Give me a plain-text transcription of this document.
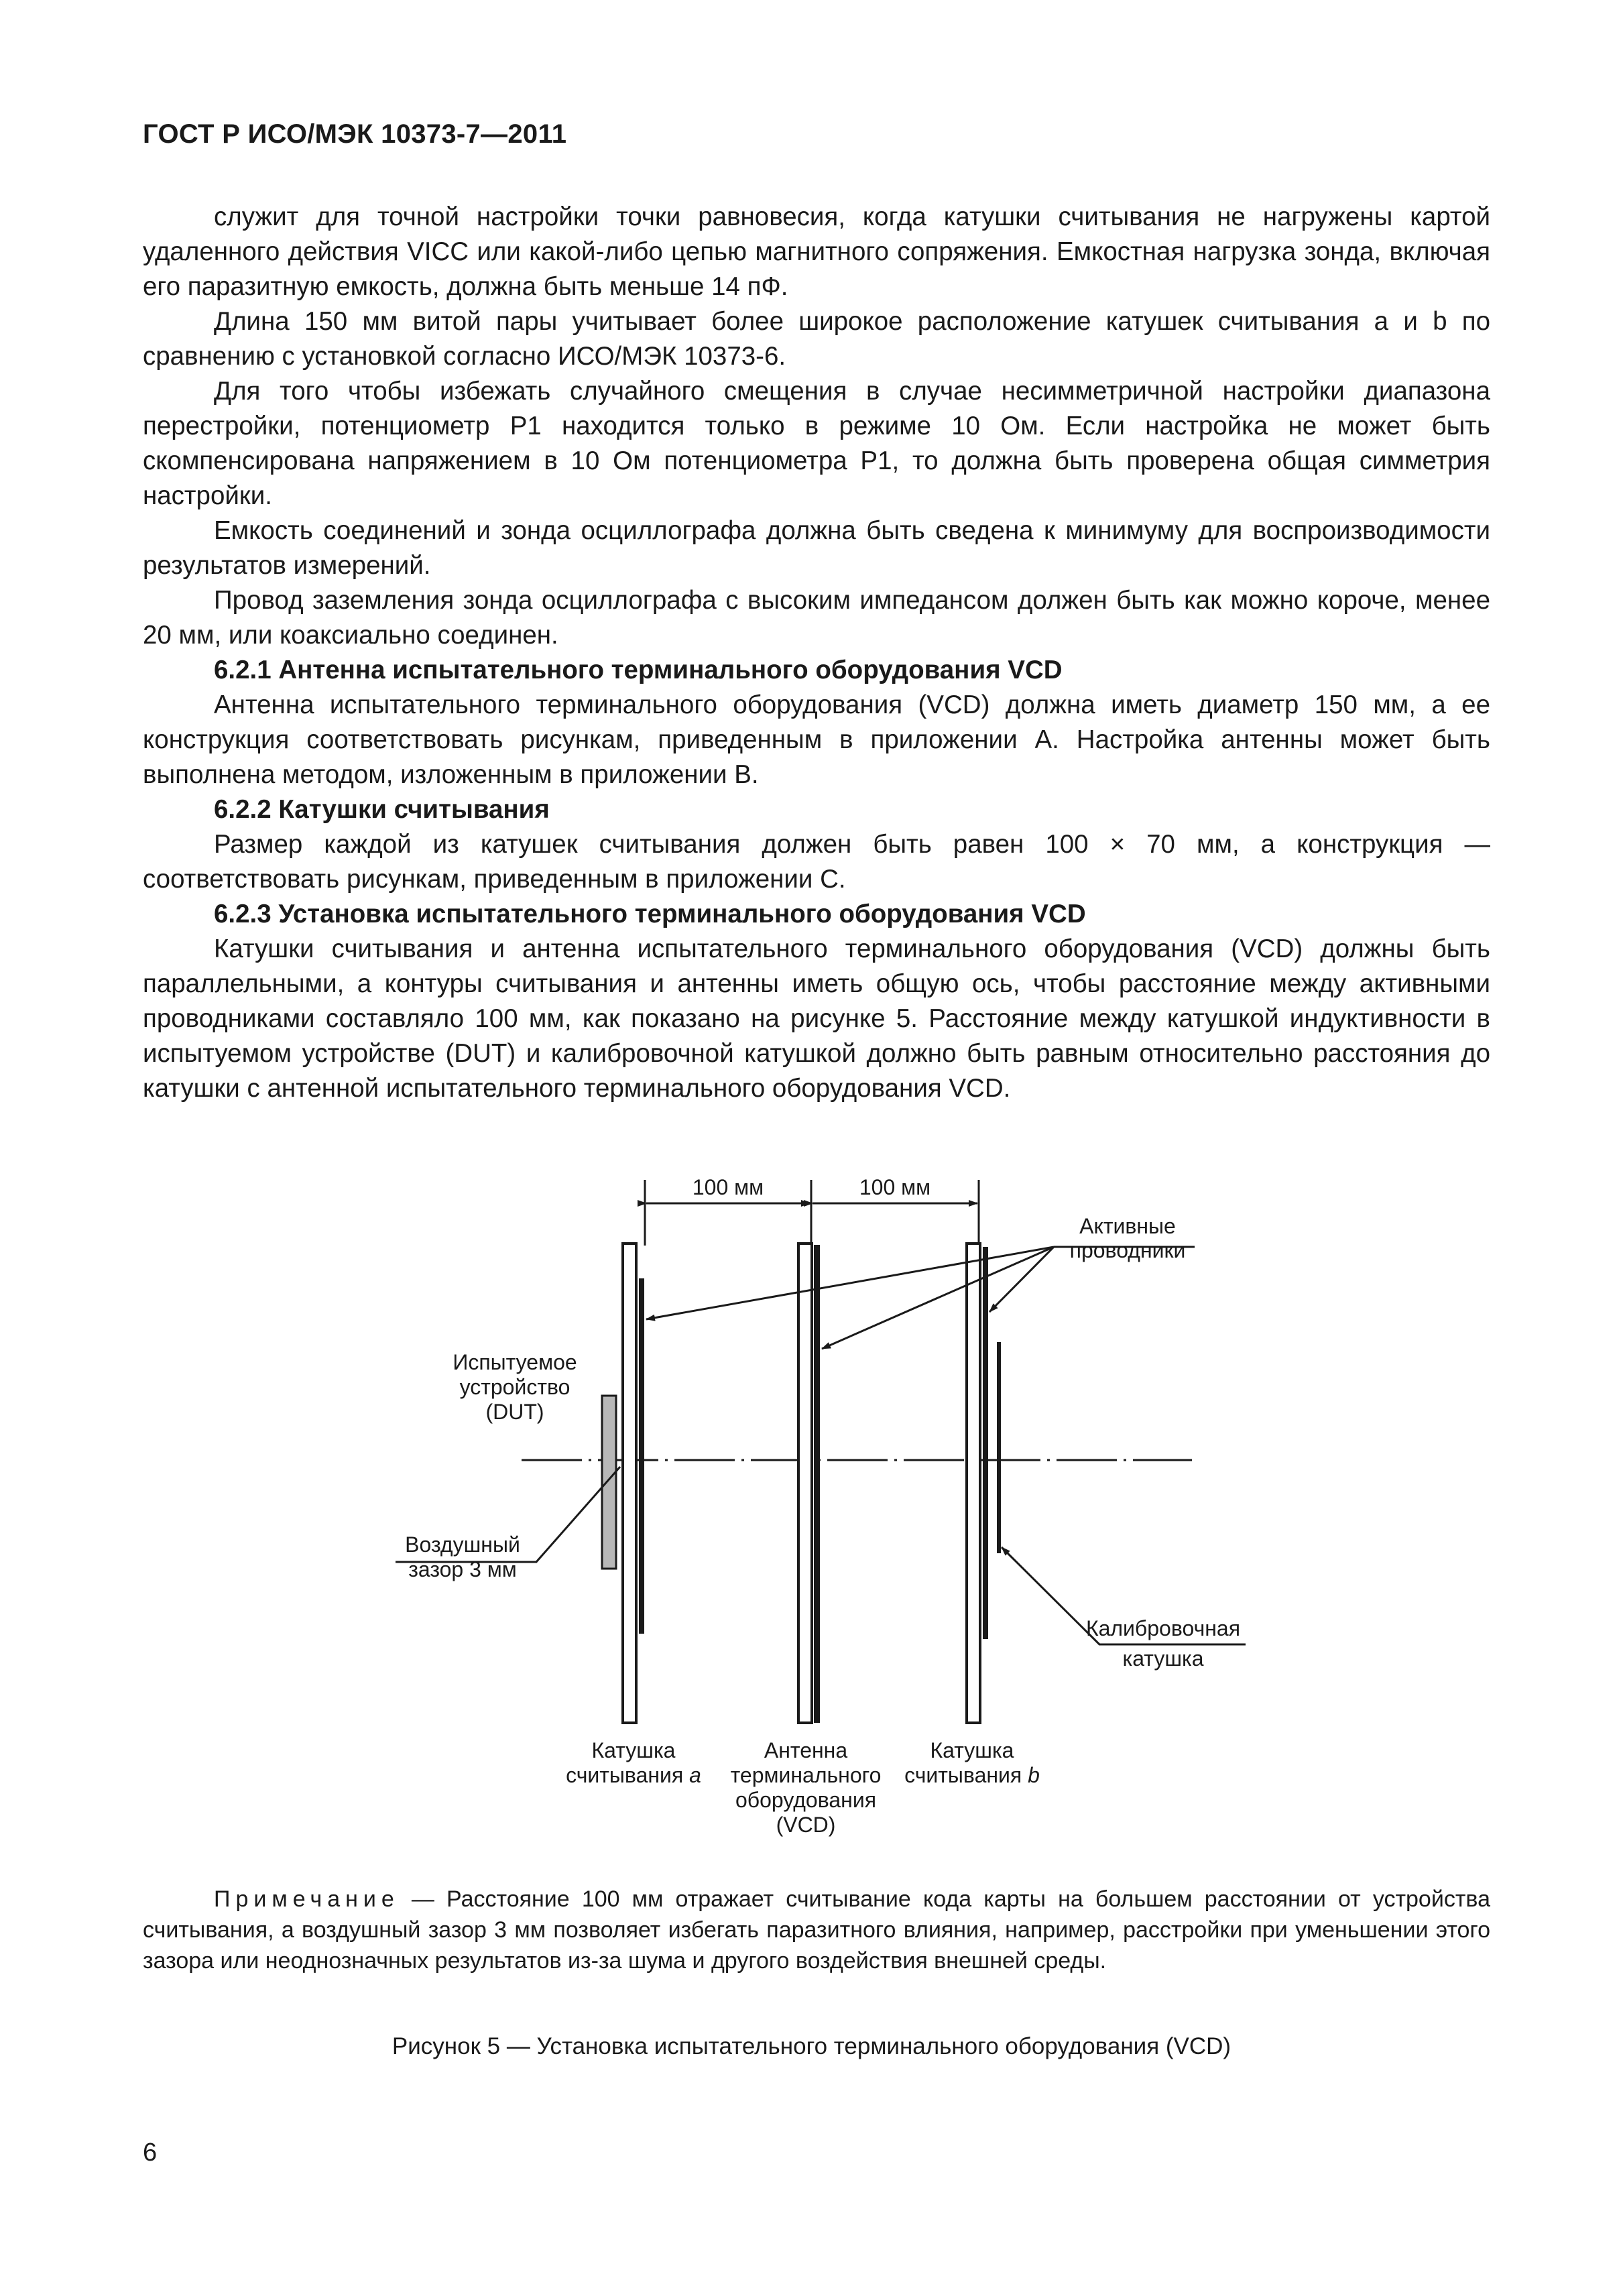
ГОСТ Р ИСО/МЭК 10373-7—2011

служит для точной настройки точки равновесия, когда катушки считывания не нагружены картой удаленного действия VICC или какой-либо цепью магнитного сопряжения. Емкостная нагрузка зонда, включая его паразитную емкость, должна быть меньше 14 пФ.

Длина 150 мм витой пары учитывает более широкое расположение катушек считывания a и b по сравнению с установкой согласно ИСО/МЭК 10373-6.

Для того чтобы избежать случайного смещения в случае несимметричной настройки диапазона перестройки, потенциометр P1 находится только в режиме 10 Ом. Если настройка не может быть скомпенсирована напряжением в 10 Ом потенциометра P1, то должна быть проверена общая симметрия настройки.

Емкость соединений и зонда осциллографа должна быть сведена к минимуму для воспроизводимости результатов измерений.

Провод заземления зонда осциллографа с высоким импедансом должен быть как можно короче, менее 20 мм, или коаксиально соединен.

6.2.1 Антенна испытательного терминального оборудования VCD

Антенна испытательного терминального оборудования (VCD) должна иметь диаметр 150 мм, а ее конструкция соответствовать рисункам, приведенным в приложении А. Настройка антенны может быть выполнена методом, изложенным в приложении В.

6.2.2 Катушки считывания

Размер каждой из катушек считывания должен быть равен 100 × 70 мм, а конструкция — соответствовать рисункам, приведенным в приложении С.

6.2.3 Установка испытательного терминального оборудования VCD

Катушки считывания и антенна испытательного терминального оборудования (VCD) должны быть параллельными, а контуры считывания и антенны иметь общую ось, чтобы расстояние между активными проводниками составляло 100 мм, как показано на рисунке 5. Расстояние между катушкой индуктивности в испытуемом устройстве (DUT) и калибровочной катушкой должно быть равным относительно расстояния до катушки с антенной испытательного терминального оборудования VCD.

100 мм	100 мм
Активные
проводники
Испытуемое
устройство
(DUT)
Воздушный
зазор 3 мм
Калибровочная
катушка
Катушка
считывания a
Антенна
терминального
оборудования
(VCD)
Катушка
считывания b
Примечание — Расстояние 100 мм отражает считывание кода карты на большем расстоянии от устройства считывания, а воздушный зазор 3 мм позволяет избегать паразитного влияния, например, расстройки при уменьшении этого зазора или неоднозначных результатов из-за шума и другого воздействия внешней среды.
Рисунок 5 — Установка испытательного терминального оборудования (VCD)
6
